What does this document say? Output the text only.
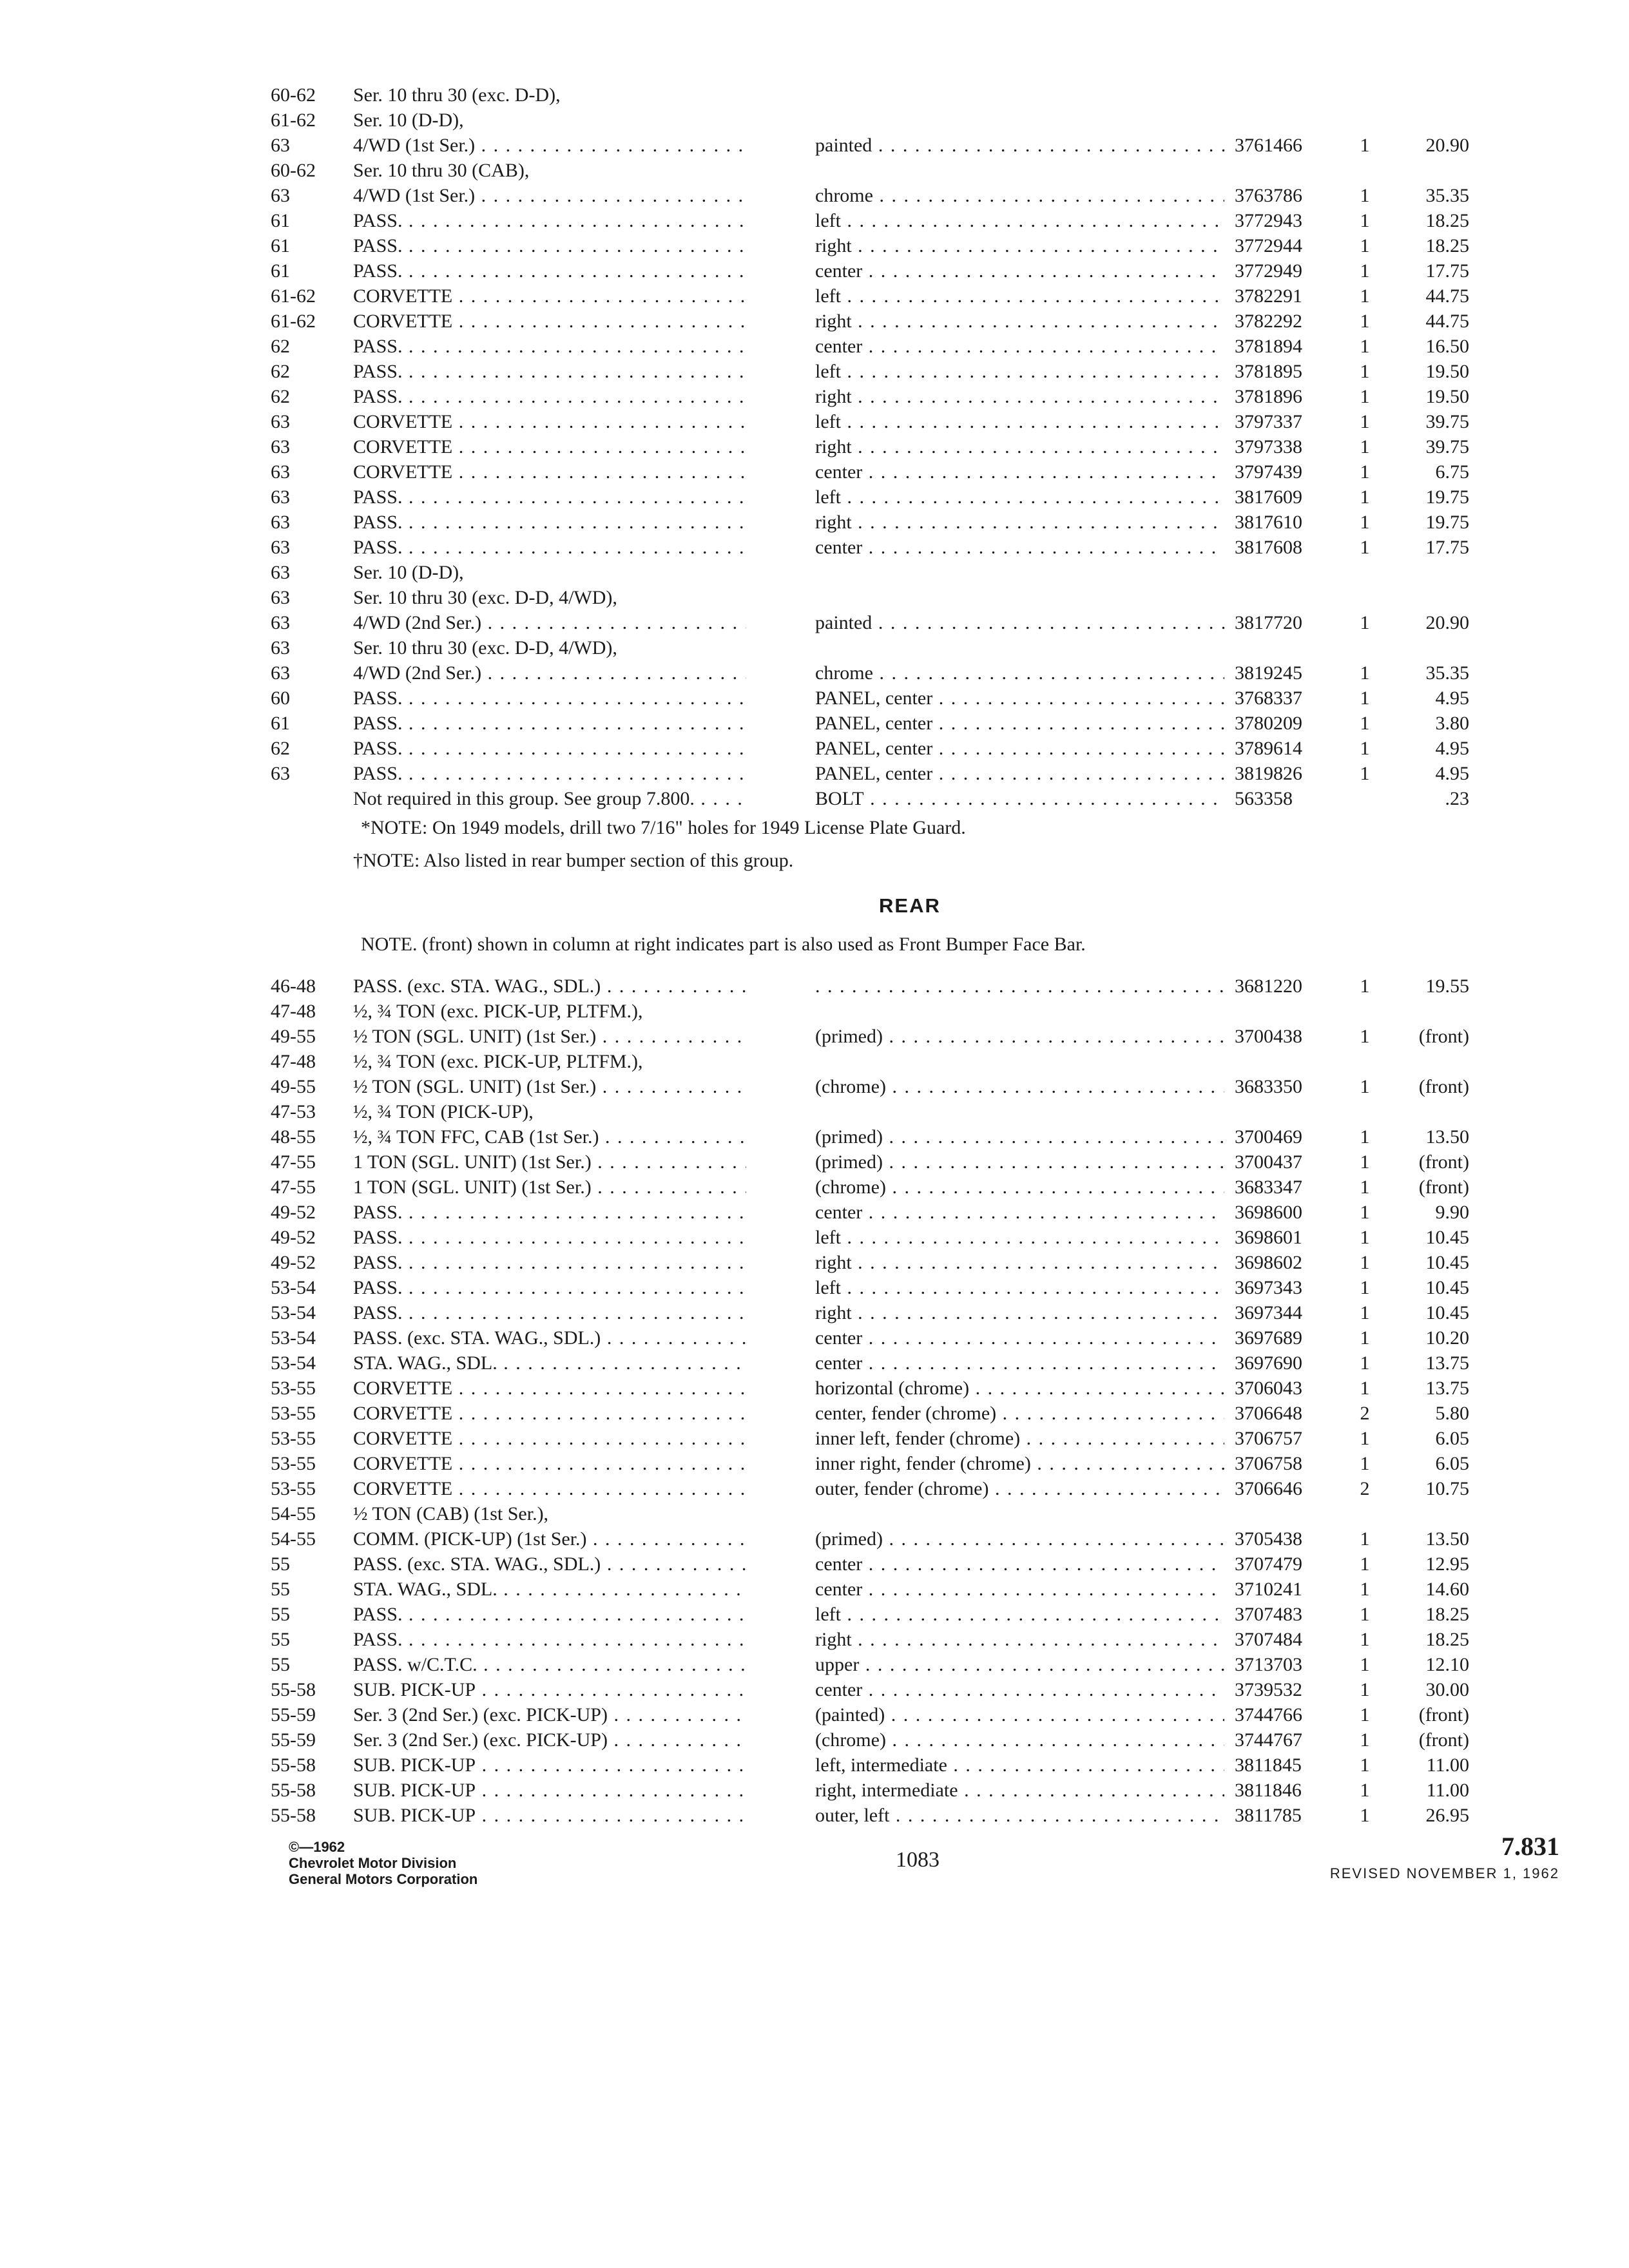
60-62	Ser. 10 thru 30 (exc. D-D),
61-62	Ser. 10 (D-D),
63	4/WD (1st Ser.) . . .	painted . . .	3761466	1	20.90
60-62	Ser. 10 thru 30 (CAB),
63	4/WD (1st Ser.) . . .	chrome . . .	3763786	1	35.35
61	PASS. . . .	left . . .	3772943	1	18.25
61	PASS. . . .	right . . .	3772944	1	18.25
61	PASS. . . .	center . . .	3772949	1	17.75
61-62	CORVETTE . . .	left . . .	3782291	1	44.75
61-62	CORVETTE . . .	right . . .	3782292	1	44.75
62	PASS. . . .	center . . .	3781894	1	16.50
62	PASS. . . .	left . . .	3781895	1	19.50
62	PASS. . . .	right . . .	3781896	1	19.50
63	CORVETTE . . .	left . . .	3797337	1	39.75
63	CORVETTE . . .	right . . .	3797338	1	39.75
63	CORVETTE . . .	center . . .	3797439	1	6.75
63	PASS. . . .	left . . .	3817609	1	19.75
63	PASS. . . .	right . . .	3817610	1	19.75
63	PASS. . . .	center . . .	3817608	1	17.75
63	Ser. 10 (D-D),
63	Ser. 10 thru 30 (exc. D-D, 4/WD),
63	4/WD (2nd Ser.) . . .	painted . . .	3817720	1	20.90
63	Ser. 10 thru 30 (exc. D-D, 4/WD),
63	4/WD (2nd Ser.) . . .	chrome . . .	3819245	1	35.35
60	PASS. . . .	PANEL, center . . .	3768337	1	4.95
61	PASS. . . .	PANEL, center . . .	3780209	1	3.80
62	PASS. . . .	PANEL, center . . .	3789614	1	4.95
63	PASS. . . .	PANEL, center . . .	3819826	1	4.95
Not required in this group. See group 7.800. . . .	BOLT . . .	563358	.23
*NOTE: On 1949 models, drill two 7/16" holes for 1949 License Plate Guard.
†NOTE: Also listed in rear bumper section of this group.
REAR
NOTE. (front) shown in column at right indicates part is also used as Front Bumper Face Bar.
46-48	PASS. (exc. STA. WAG., SDL.) . . .
. . .	3681220	1	19.55
47-48	½, ¾ TON (exc. PICK-UP, PLTFM.),
49-55	½ TON (SGL. UNIT) (1st Ser.) . . .	(primed) . . .	3700438	1	(front)
47-48	½, ¾ TON (exc. PICK-UP, PLTFM.),
49-55	½ TON (SGL. UNIT) (1st Ser.) . . .	(chrome) . . .	3683350	1	(front)
47-53	½, ¾ TON (PICK-UP),
48-55	½, ¾ TON FFC, CAB (1st Ser.) . . .	(primed) . . .	3700469	1	13.50
47-55	1 TON (SGL. UNIT) (1st Ser.) . . .	(primed) . . .	3700437	1	(front)
47-55	1 TON (SGL. UNIT) (1st Ser.) . . .	(chrome) . . .	3683347	1	(front)
49-52	PASS. . . .	center . . .	3698600	1	9.90
49-52	PASS. . . .	left . . .	3698601	1	10.45
49-52	PASS. . . .	right . . .	3698602	1	10.45
53-54	PASS. . . .	left . . .	3697343	1	10.45
53-54	PASS. . . .	right . . .	3697344	1	10.45
53-54	PASS. (exc. STA. WAG., SDL.) . . .	center . . .	3697689	1	10.20
53-54	STA. WAG., SDL. . . .	center . . .	3697690	1	13.75
53-55	CORVETTE . . .	horizontal (chrome) . . .	3706043	1	13.75
53-55	CORVETTE . . .	center, fender (chrome) . . .	3706648	2	5.80
53-55	CORVETTE . . .	inner left, fender (chrome) . . .	3706757	1	6.05
53-55	CORVETTE . . .	inner right, fender (chrome) . . .	3706758	1	6.05
53-55	CORVETTE . . .	outer, fender (chrome) . . .	3706646	2	10.75
54-55	½ TON (CAB) (1st Ser.),
54-55	COMM. (PICK-UP) (1st Ser.) . . .	(primed) . . .	3705438	1	13.50
55	PASS. (exc. STA. WAG., SDL.) . . .	center . . .	3707479	1	12.95
55	STA. WAG., SDL. . . .	center . . .	3710241	1	14.60
55	PASS. . . .	left . . .	3707483	1	18.25
55	PASS. . . .	right . . .	3707484	1	18.25
55	PASS. w/C.T.C. . . .	upper . . .	3713703	1	12.10
55-58	SUB. PICK-UP . . .	center . . .	3739532	1	30.00
55-59	Ser. 3 (2nd Ser.) (exc. PICK-UP) . . .	(painted) . . .	3744766	1	(front)
55-59	Ser. 3 (2nd Ser.) (exc. PICK-UP) . . .	(chrome) . . .	3744767	1	(front)
55-58	SUB. PICK-UP . . .	left, intermediate . . .	3811845	1	11.00
55-58	SUB. PICK-UP . . .	right, intermediate . . .	3811846	1	11.00
55-58	SUB. PICK-UP . . .	outer, left . . .	3811785	1	26.95
©—1962
Chevrolet Motor Division
General Motors Corporation
1083	7.831
REVISED NOVEMBER 1, 1962
